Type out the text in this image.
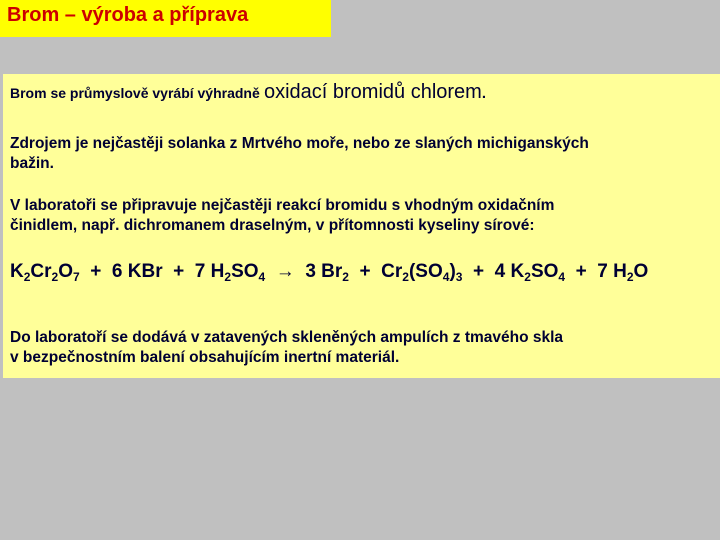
Brom – výroba a příprava
Brom se průmyslově vyrábí výhradně oxidací bromidů chlorem.
Zdrojem je nejčastěji solanka z Mrtvého moře, nebo ze slaných michiganských
bažin.
V laboratoři se připravuje nejčastěji reakcí bromidu s vhodným oxidačním
činidlem, např. dichromanem draselným, v přítomnosti kyseliny sírové:
$K_2Cr_2O_7 + 6$ KBr  +  7 $H_2SO_4 \to 3$ $Br_2 + Cr_2(SO_4)_3 + 4$ $K_2SO_4 + 7$ $H_2O$
Do laboratoří se dodává v zatavených skleněných ampulích z tmavého skla
v bezpečnostním balení obsahujícím inertní materiál.
